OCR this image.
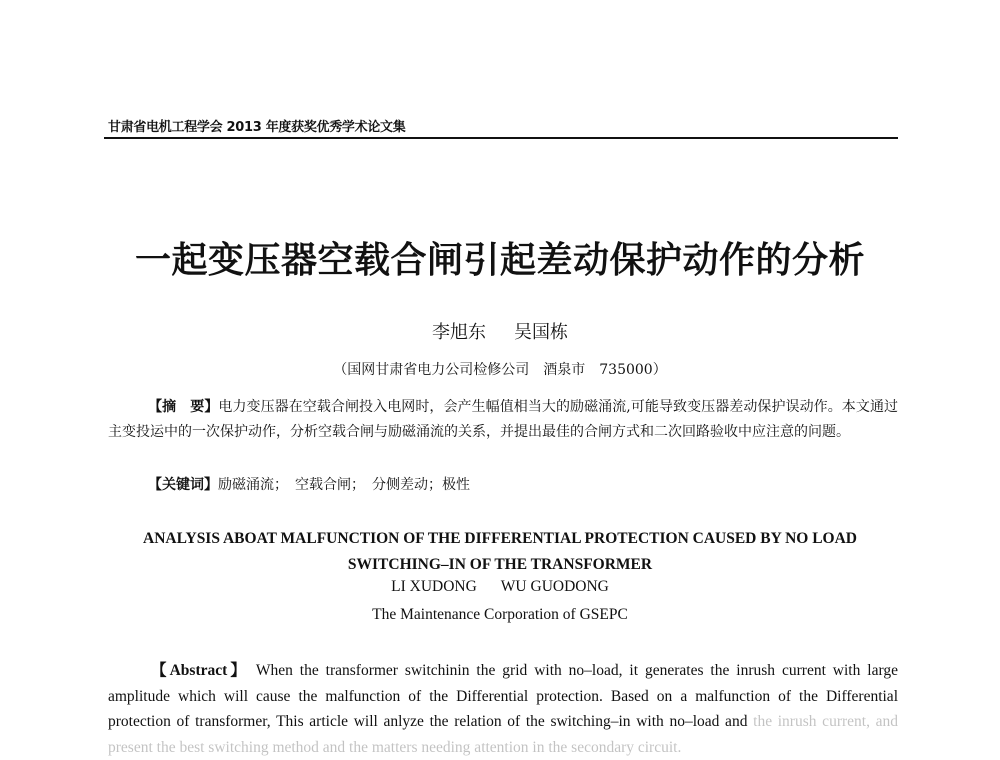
甘肃省电机工程学会 2013 年度获奖优秀学术论文集
一起变压器空载合闸引起差动保护动作的分析
李旭东 吴国栋
（国网甘肃省电力公司检修公司　酒泉市　735000）
【摘　要】电力变压器在空载合闸投入电网时，会产生幅值相当大的励磁涌流,可能导致变压器差动保护误动作。本文通过主变投运中的一次保护动作，分析空载合闸与励磁涌流的关系，并提出最佳的合闸方式和二次回路验收中应注意的问题。
【关键词】励磁涌流；　空载合闸；　分侧差动；极性
ANALYSIS ABOAT MALFUNCTION OF THE DIFFERENTIAL PROTECTION CAUSED BY NO LOAD
SWITCHING–IN OF THE TRANSFORMER
LI XUDONG WU GUODONG
The Maintenance Corporation of GSEPC
【Abstract】 When the transformer switchinin the grid with no–load, it generates the inrush current with large amplitude which will cause the malfunction of the Differential protection. Based on a malfunction of the Differential protection of transformer, This article will anlyze the relation of the switching–in with no–load and the inrush current, and present the best switching method and the matters needing attention in the secondary circuit.
